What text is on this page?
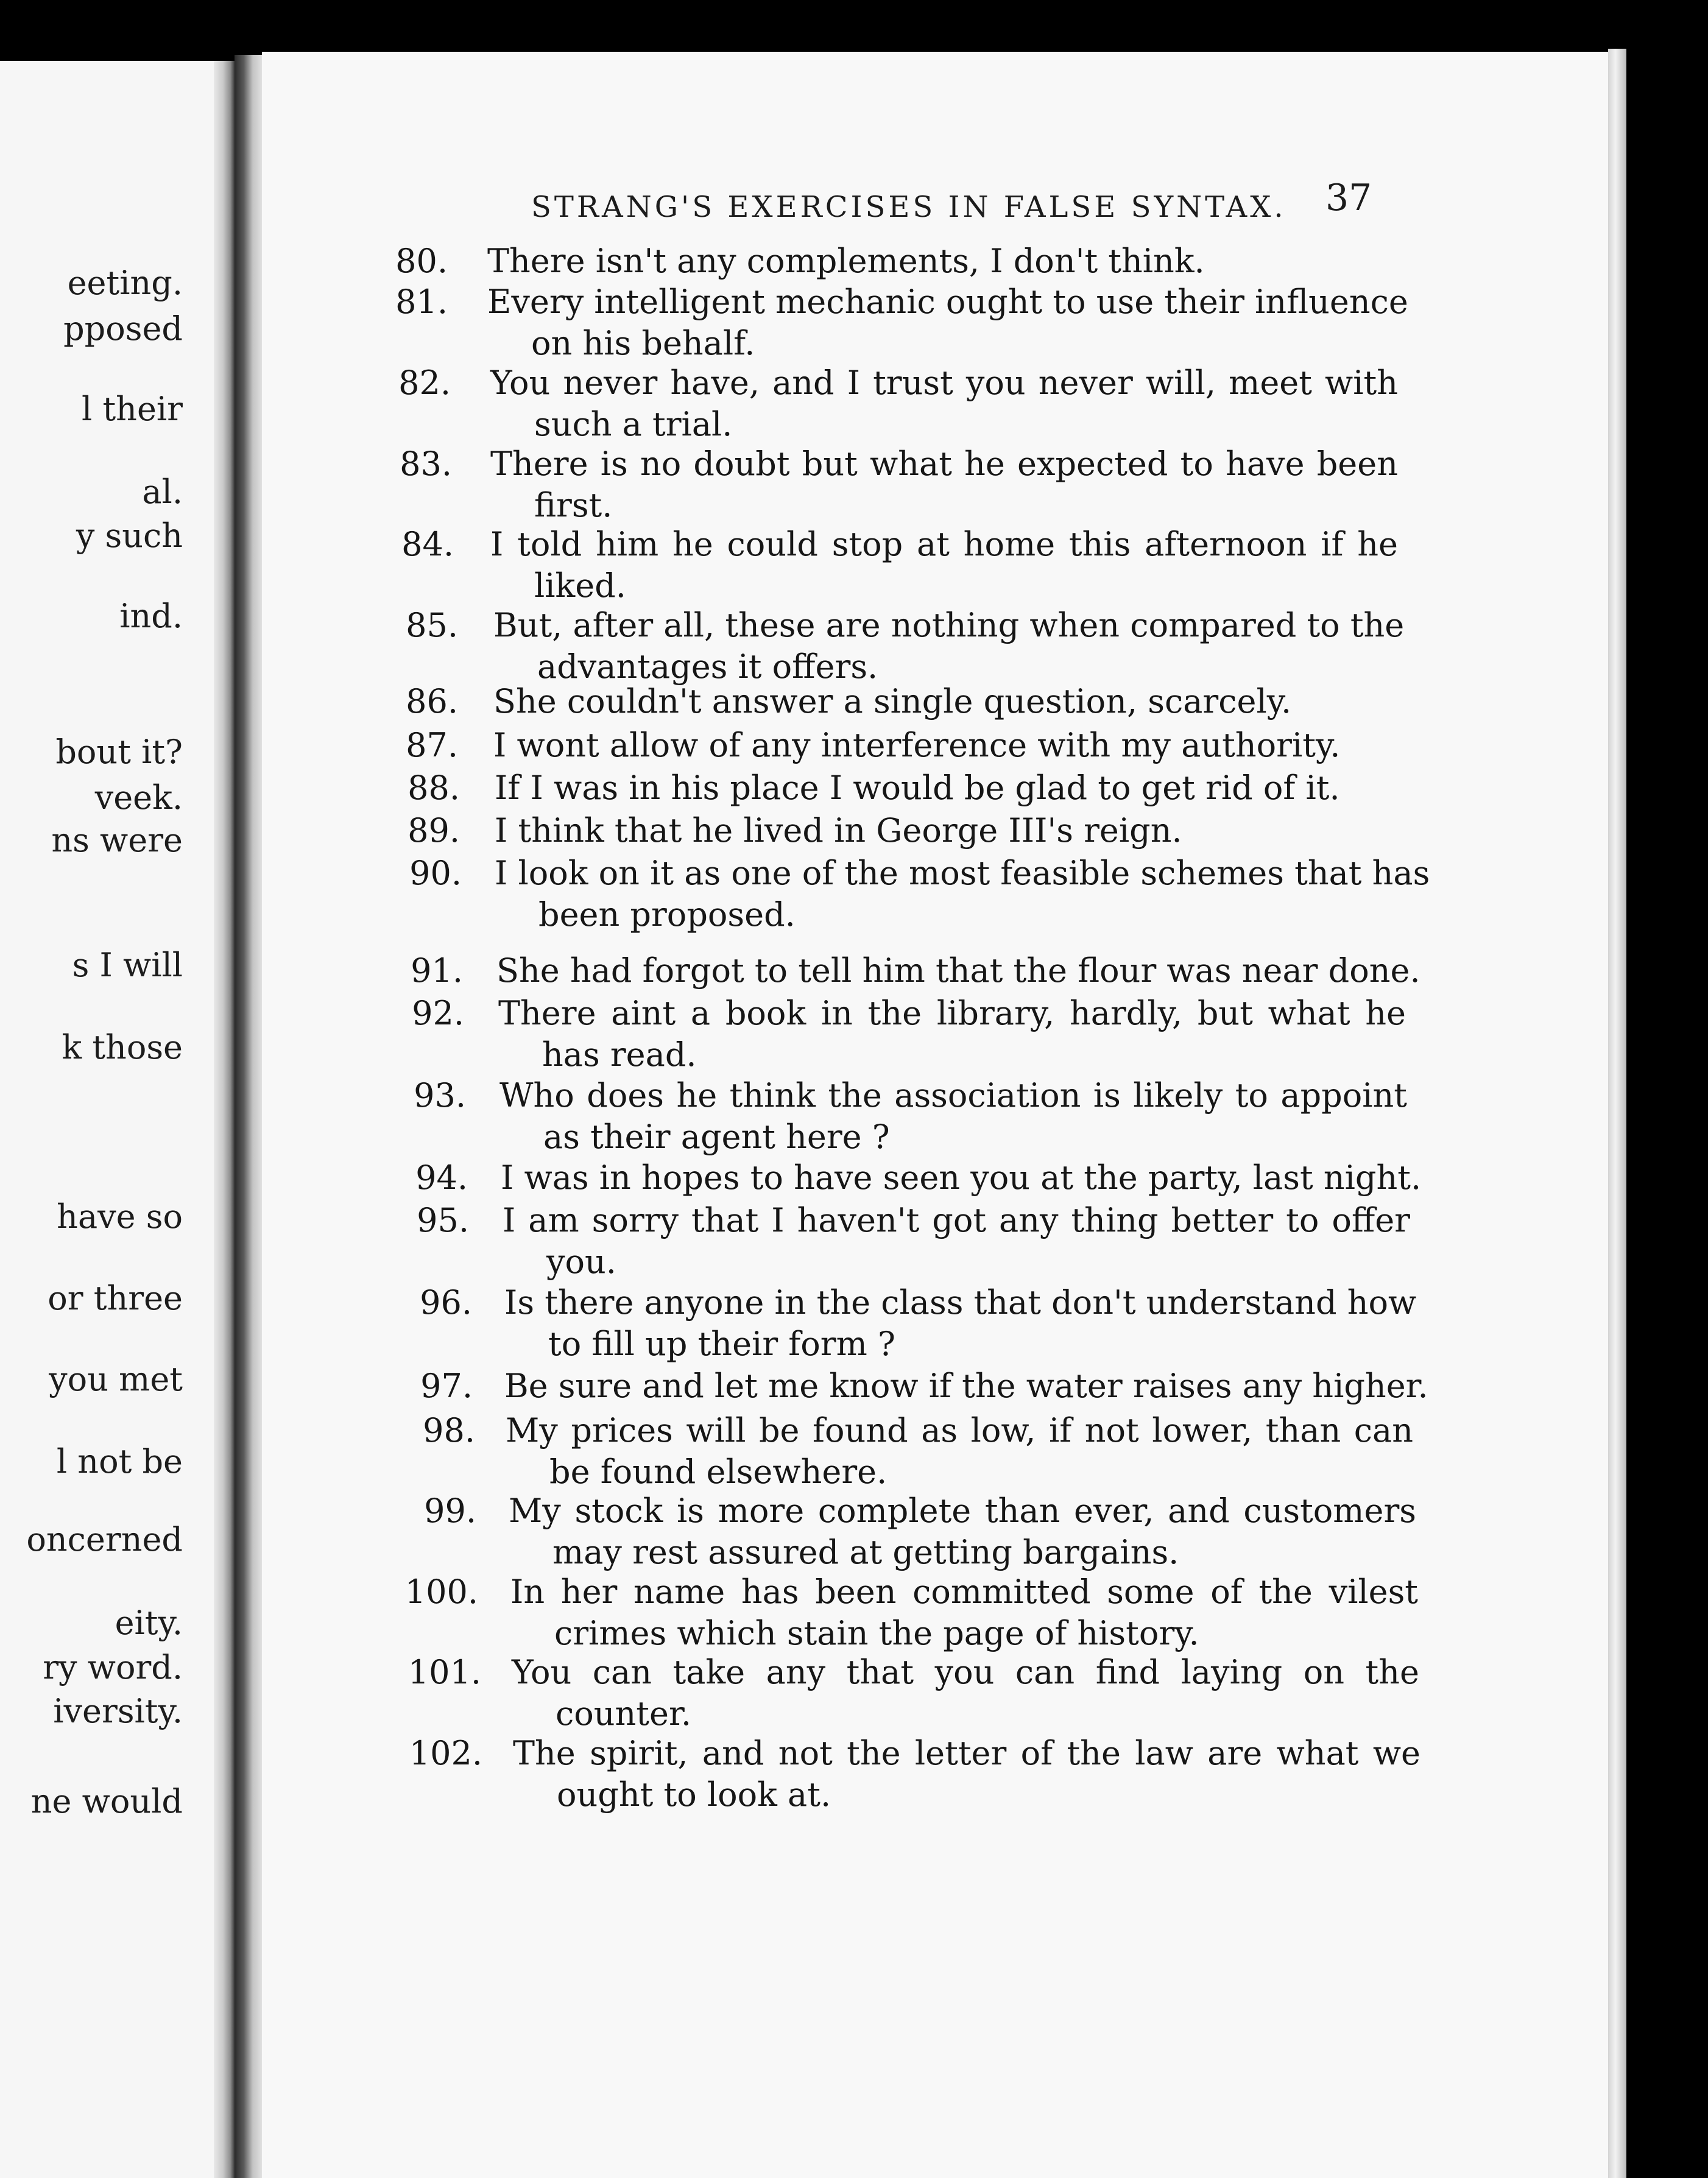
eeting.
pposed
l their
al.
y such
ind.
bout it?
veek.
ns were
s I will
k those
have so
or three
you met
l not be
oncerned
eity.
ry word.
iversity.
ne would
STRANG'S EXERCISES IN FALSE SYNTAX. 37
80. There isn't any complements, I don't think.
81. Every intelligent mechanic ought to use their influence
on his behalf.
82. You never have, and I trust you never will, meet with
such a trial.
83. There is no doubt but what he expected to have been
first.
84. I told him he could stop at home this afternoon if he
liked.
85. But, after all, these are nothing when compared to the
advantages it offers.
86. She couldn't answer a single question, scarcely.
87. I wont allow of any interference with my authority.
88. If I was in his place I would be glad to get rid of it.
89. I think that he lived in George III's reign.
90. I look on it as one of the most feasible schemes that has
been proposed.
91. She had forgot to tell him that the flour was near done.
92. There aint a book in the library, hardly, but what he
has read.
93. Who does he think the association is likely to appoint
as their agent here ?
94. I was in hopes to have seen you at the party, last night.
95. I am sorry that I haven't got any thing better to offer
you.
96. Is there anyone in the class that don't understand how
to fill up their form ?
97. Be sure and let me know if the water raises any higher.
98. My prices will be found as low, if not lower, than can
be found elsewhere.
99. My stock is more complete than ever, and customers
may rest assured at getting bargains.
100. In her name has been committed some of the vilest
crimes which stain the page of history.
101. You can take any that you can find laying on the
counter.
102. The spirit, and not the letter of the law are what we
ought to look at.
